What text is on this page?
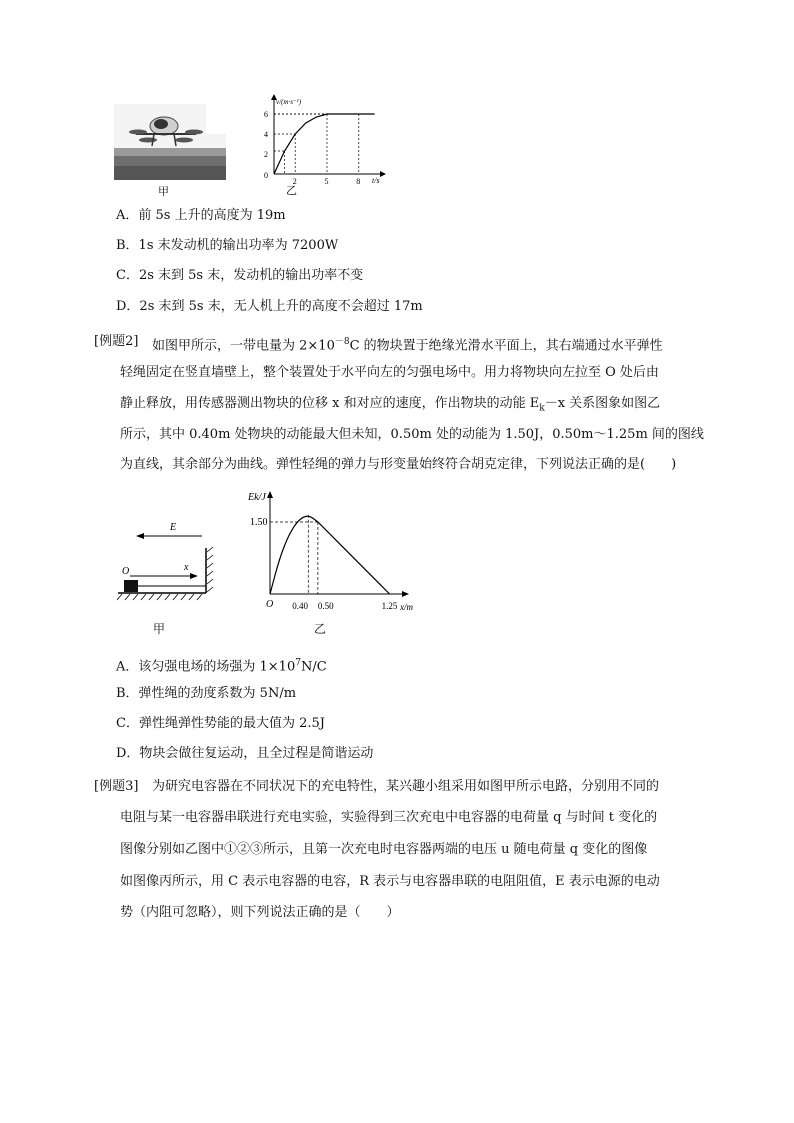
甲
v/(m·s⁻¹)
t/s
0
6
4
2
2	5	8
乙
A．前 5s 上升的高度为 19m
B．1s 末发动机的输出功率为 7200W
C．2s 末到 5s 末，发动机的输出功率不变
D．2s 末到 5s 末，无人机上升的高度不会超过 17m
[例题2] 如图甲所示，一带电量为 $2\times 10^{-8}C$ 的物块置于绝缘光滑水平面上，其右端通过水平弹性
轻绳固定在竖直墙壁上，整个装置处于水平向左的匀强电场中。用力将物块向左拉至 O 处后由
静止释放，用传感器测出物块的位移 x 和对应的速度，作出物块的动能 $E_k-x$ 关系图象如图乙
所示，其中 0.40m 处物块的动能最大但未知，0.50m 处的动能为 1.50J，0.50m～1.25m 间的图线
为直线，其余部分为曲线。弹性轻绳的弹力与形变量始终符合胡克定律，下列说法正确的是(　　)
E
O	x
甲
Ek/J
x/m
O
1.50
0.40 0.50	1.25
乙
A．该匀强电场的场强为 $1\times 10^7N/C$
B．弹性绳的劲度系数为 5N/m
C．弹性绳弹性势能的最大值为 2.5J
D．物块会做往复运动，且全过程是简谐运动
[例题3] 为研究电容器在不同状况下的充电特性，某兴趣小组采用如图甲所示电路，分别用不同的
电阻与某一电容器串联进行充电实验，实验得到三次充电中电容器的电荷量 q 与时间 t 变化的
图像分别如乙图中①②③所示，且第一次充电时电容器两端的电压 u 随电荷量 q 变化的图像
如图像丙所示，用 C 表示电容器的电容，R 表示与电容器串联的电阻阻值，E 表示电源的电动
势（内阻可忽略），则下列说法正确的是（　　）
